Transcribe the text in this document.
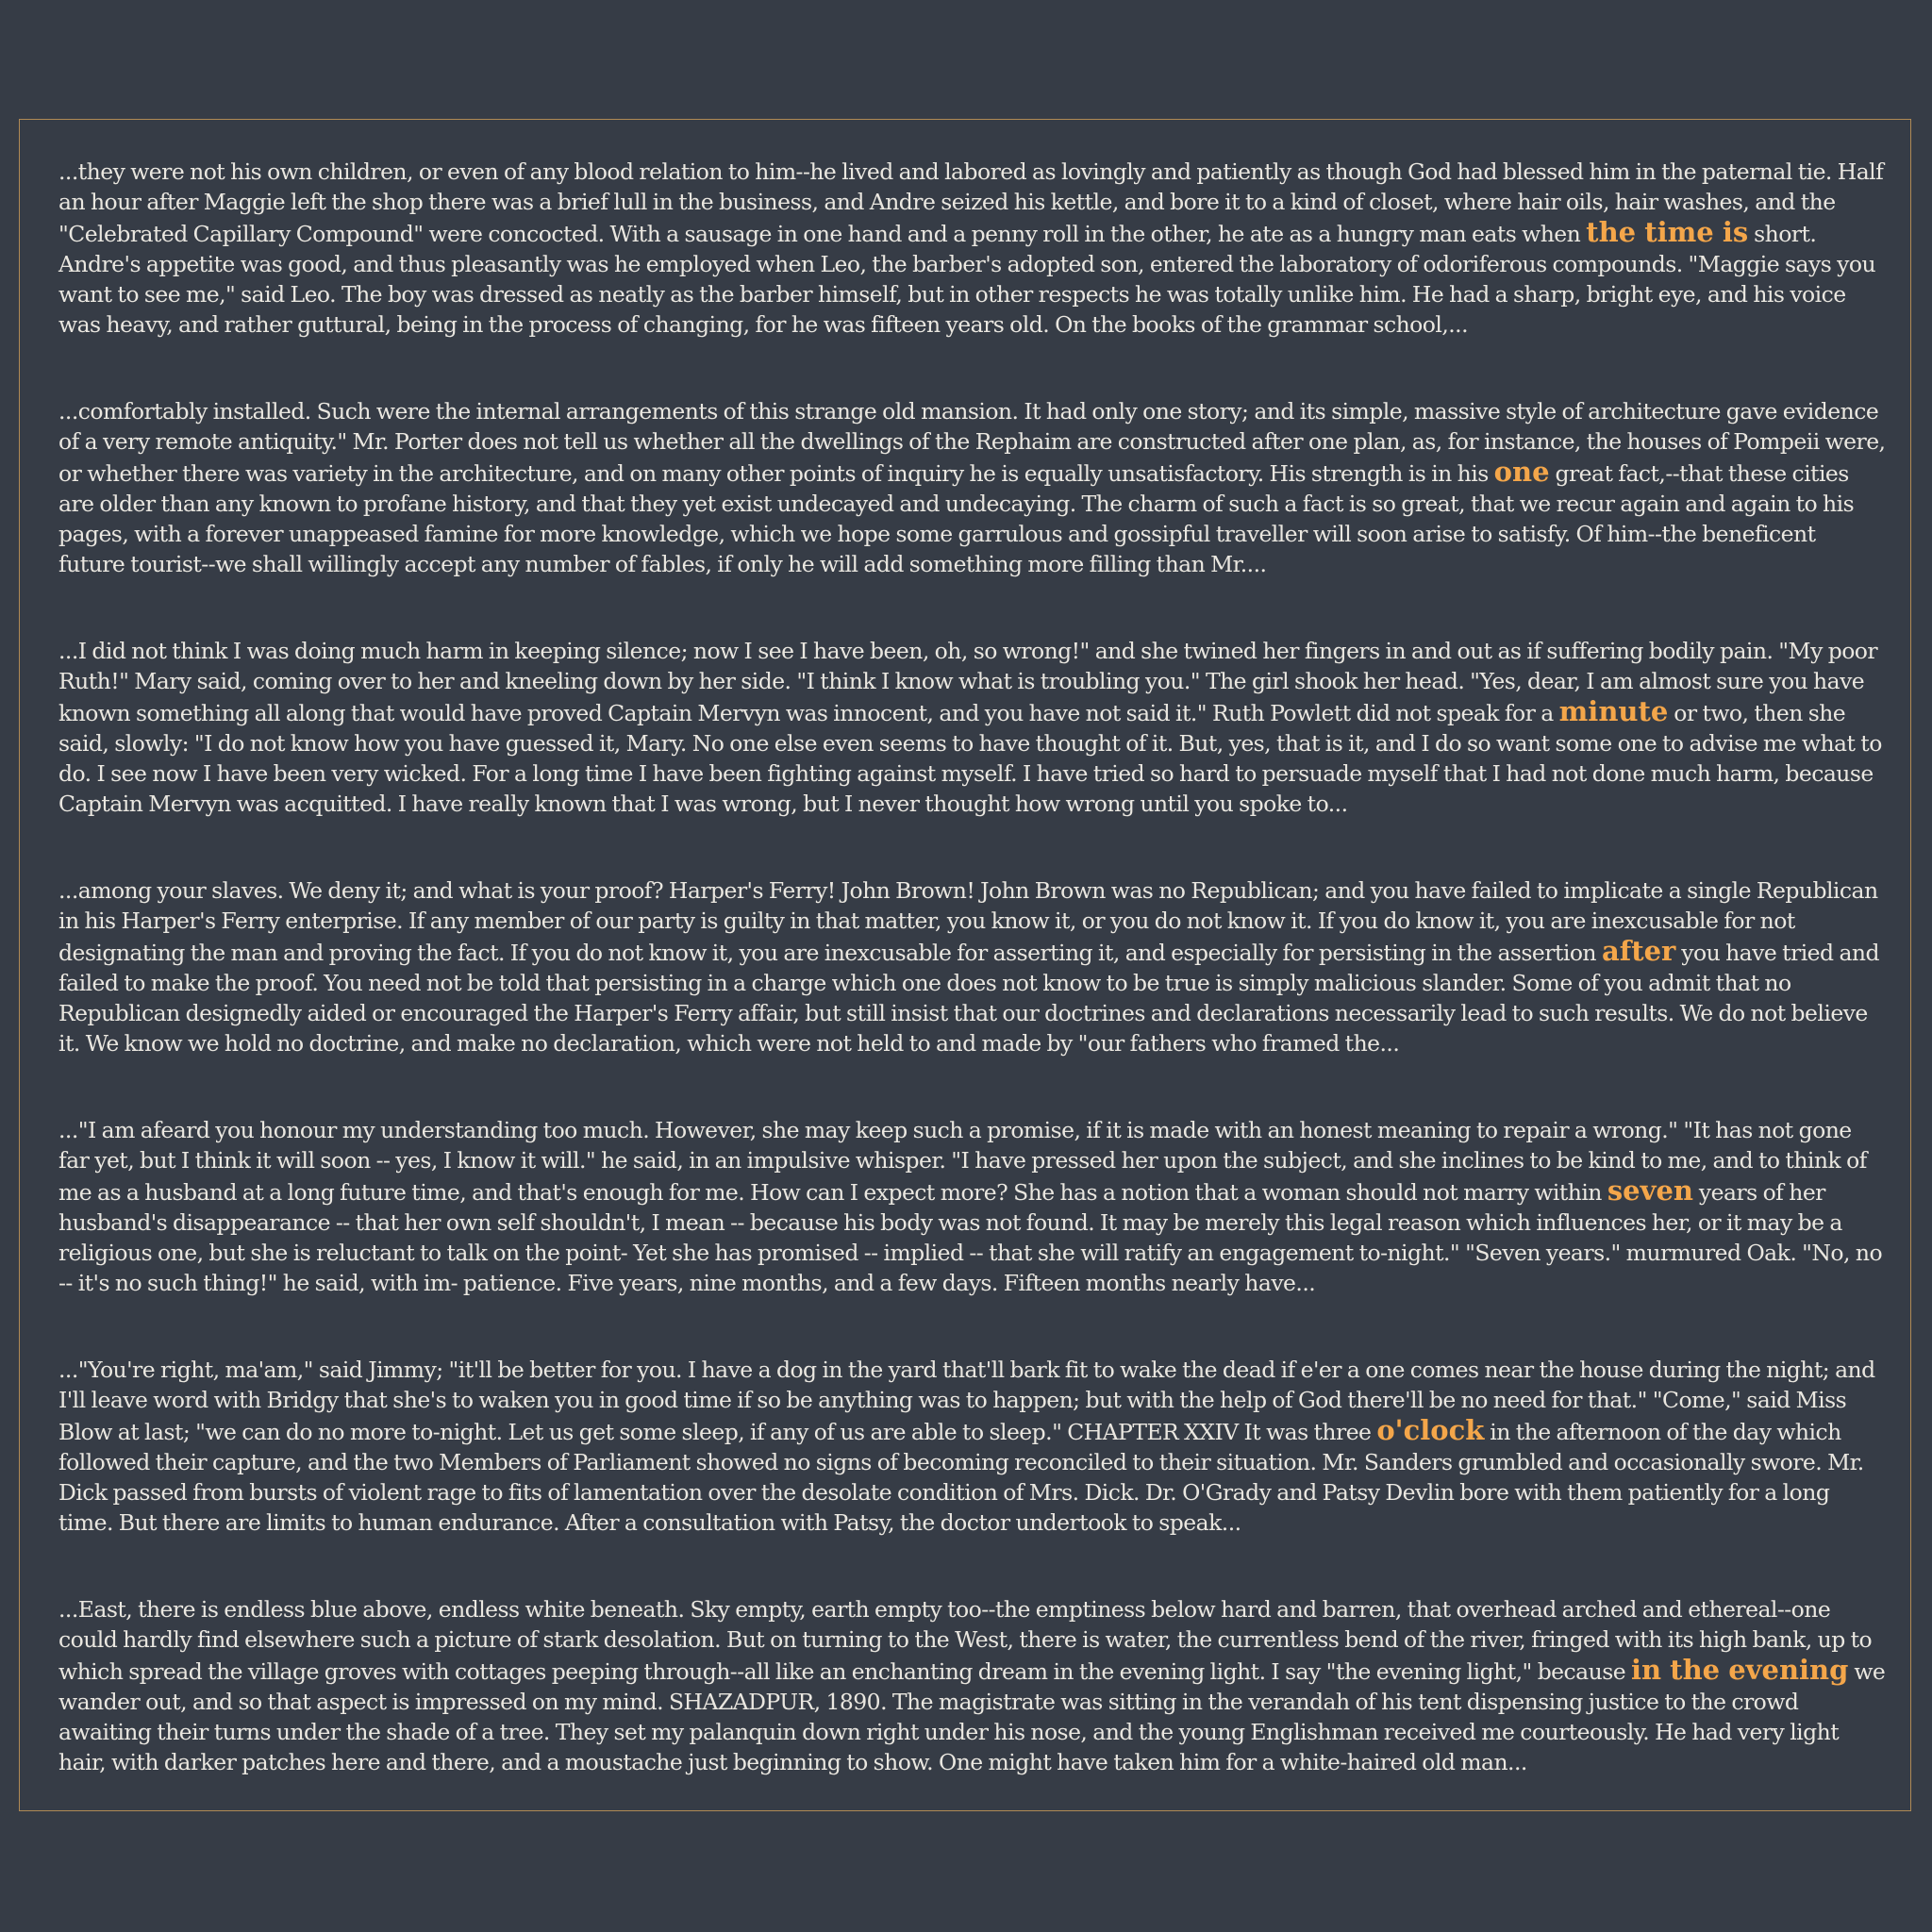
...they were not his own children, or even of any blood relation to him--he lived and labored as lovingly and patiently as though God had blessed him in the paternal tie. Half an hour after Maggie left the shop there was a brief lull in the business, and Andre seized his kettle, and bore it to a kind of closet, where hair oils, hair washes, and the "Celebrated Capillary Compound" were concocted. With a sausage in one hand and a penny roll in the other, he ate as a hungry man eats when the time is short. Andre's appetite was good, and thus pleasantly was he employed when Leo, the barber's adopted son, entered the laboratory of odoriferous compounds. "Maggie says you want to see me," said Leo. The boy was dressed as neatly as the barber himself, but in other respects he was totally unlike him. He had a sharp, bright eye, and his voice was heavy, and rather guttural, being in the process of changing, for he was fifteen years old. On the books of the grammar school,...

...comfortably installed. Such were the internal arrangements of this strange old mansion. It had only one story; and its simple, massive style of architecture gave evidence of a very remote antiquity." Mr. Porter does not tell us whether all the dwellings of the Rephaim are constructed after one plan, as, for instance, the houses of Pompeii were, or whether there was variety in the architecture, and on many other points of inquiry he is equally unsatisfactory. His strength is in his one great fact,--that these cities are older than any known to profane history, and that they yet exist undecayed and undecaying. The charm of such a fact is so great, that we recur again and again to his pages, with a forever unappeased famine for more knowledge, which we hope some garrulous and gossipful traveller will soon arise to satisfy. Of him--the beneficent future tourist--we shall willingly accept any number of fables, if only he will add something more filling than Mr....

...I did not think I was doing much harm in keeping silence; now I see I have been, oh, so wrong!" and she twined her fingers in and out as if suffering bodily pain. "My poor Ruth!" Mary said, coming over to her and kneeling down by her side. "I think I know what is troubling you." The girl shook her head. "Yes, dear, I am almost sure you have known something all along that would have proved Captain Mervyn was innocent, and you have not said it." Ruth Powlett did not speak for a minute or two, then she said, slowly: "I do not know how you have guessed it, Mary. No one else even seems to have thought of it. But, yes, that is it, and I do so want some one to advise me what to do. I see now I have been very wicked. For a long time I have been fighting against myself. I have tried so hard to persuade myself that I had not done much harm, because Captain Mervyn was acquitted. I have really known that I was wrong, but I never thought how wrong until you spoke to...

...among your slaves. We deny it; and what is your proof? Harper's Ferry! John Brown! John Brown was no Republican; and you have failed to implicate a single Republican in his Harper's Ferry enterprise. If any member of our party is guilty in that matter, you know it, or you do not know it. If you do know it, you are inexcusable for not designating the man and proving the fact. If you do not know it, you are inexcusable for asserting it, and especially for persisting in the assertion after you have tried and failed to make the proof. You need not be told that persisting in a charge which one does not know to be true is simply malicious slander. Some of you admit that no Republican designedly aided or encouraged the Harper's Ferry affair, but still insist that our doctrines and declarations necessarily lead to such results. We do not believe it. We know we hold no doctrine, and make no declaration, which were not held to and made by "our fathers who framed the...

..."I am afeard you honour my understanding too much. However, she may keep such a promise, if it is made with an honest meaning to repair a wrong." "It has not gone far yet, but I think it will soon -- yes, I know it will." he said, in an impulsive whisper. "I have pressed her upon the subject, and she inclines to be kind to me, and to think of me as a husband at a long future time, and that's enough for me. How can I expect more? She has a notion that a woman should not marry within seven years of her husband's disappearance -- that her own self shouldn't, I mean -- because his body was not found. It may be merely this legal reason which influences her, or it may be a religious one, but she is reluctant to talk on the point- Yet she has promised -- implied -- that she will ratify an engagement to-night." "Seven years." murmured Oak. "No, no -- it's no such thing!" he said, with im- patience. Five years, nine months, and a few days. Fifteen months nearly have...

..."You're right, ma'am," said Jimmy; "it'll be better for you. I have a dog in the yard that'll bark fit to wake the dead if e'er a one comes near the house during the night; and I'll leave word with Bridgy that she's to waken you in good time if so be anything was to happen; but with the help of God there'll be no need for that." "Come," said Miss Blow at last; "we can do no more to-night. Let us get some sleep, if any of us are able to sleep." CHAPTER XXIV It was three o'clock in the afternoon of the day which followed their capture, and the two Members of Parliament showed no signs of becoming reconciled to their situation. Mr. Sanders grumbled and occasionally swore. Mr. Dick passed from bursts of violent rage to fits of lamentation over the desolate condition of Mrs. Dick. Dr. O'Grady and Patsy Devlin bore with them patiently for a long time. But there are limits to human endurance. After a consultation with Patsy, the doctor undertook to speak...

...East, there is endless blue above, endless white beneath. Sky empty, earth empty too--the emptiness below hard and barren, that overhead arched and ethereal--one could hardly find elsewhere such a picture of stark desolation. But on turning to the West, there is water, the currentless bend of the river, fringed with its high bank, up to which spread the village groves with cottages peeping through--all like an enchanting dream in the evening light. I say "the evening light," because in the evening we wander out, and so that aspect is impressed on my mind. SHAZADPUR, 1890. The magistrate was sitting in the verandah of his tent dispensing justice to the crowd awaiting their turns under the shade of a tree. They set my palanquin down right under his nose, and the young Englishman received me courteously. He had very light hair, with darker patches here and there, and a moustache just beginning to show. One might have taken him for a white-haired old man...
